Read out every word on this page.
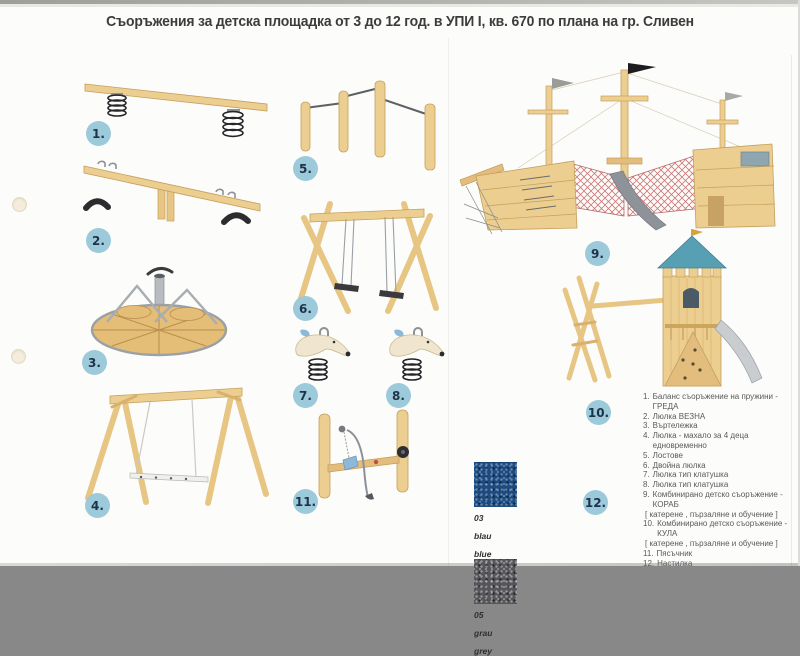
Съоръжения за детска площадка от 3 до 12 год. в УПИ I, кв. 670 по плана на гр. Сливен
1.
2.
3.
4.
5.
6.
7.	8.
9.
10.
11.	12.
03
blau
blue

05
grau
grey
1. Баланс съоръжение на пружини - ГРЕДА
2. Люлка ВЕЗНА
3. Въртележка
4. Люлка - махало за 4 деца едновременно
5. Лостове
6. Двойна люлка
7. Люлка тип клатушка
8. Люлка тип клатушка
9. Комбинирано детско съоръжение - КОРАБ
[ катерене , пързаляне и обучение ]
10. Комбинирано детско съоръжение - КУЛА
[ катерене , пързаляне и обучение ]
11. Пясъчник
12. Настилка
